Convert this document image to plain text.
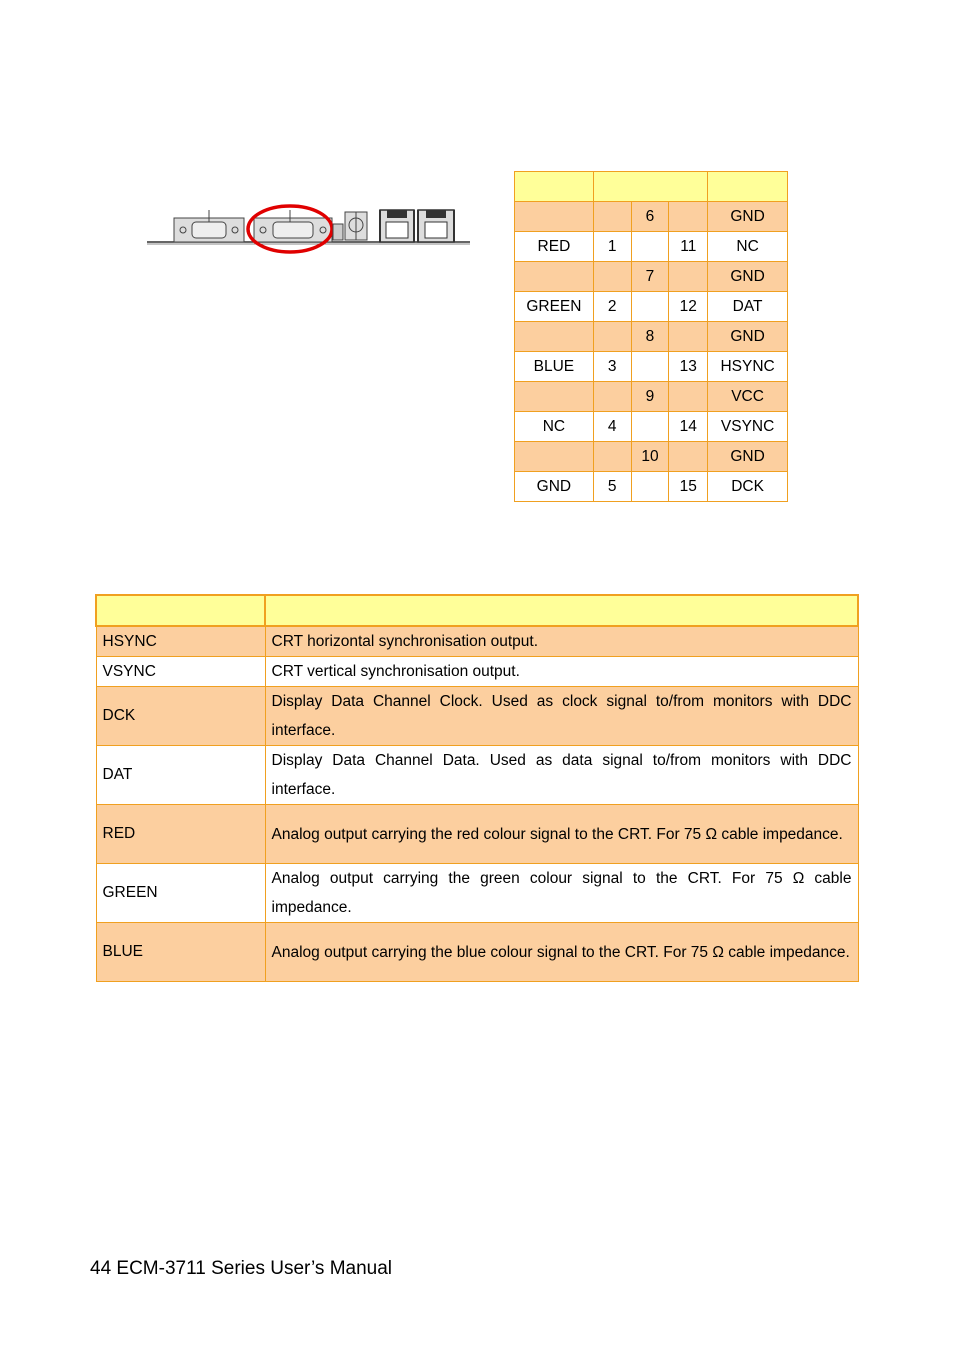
		6		GND
RED	1		11	NC
		7		GND
GREEN	2		12	DAT
		8		GND
BLUE	3		13	HSYNC
		9		VCC
NC	4		14	VSYNC
		10		GND
GND	5		15	DCK

HSYNC	CRT horizontal synchronisation output.
VSYNC	CRT vertical synchronisation output.
DCK	Display Data Channel Clock. Used as clock signal to/from monitors with DDC interface.
DAT	Display Data Channel Data. Used as data signal to/from monitors with DDC interface.
RED	Analog output carrying the red colour signal to the CRT. For 75 Ω cable impedance.
GREEN	Analog output carrying the green colour signal to the CRT. For 75 Ω cable impedance.
BLUE	Analog output carrying the blue colour signal to the CRT. For 75 Ω cable impedance.
44 ECM-3711 Series User’s Manual
